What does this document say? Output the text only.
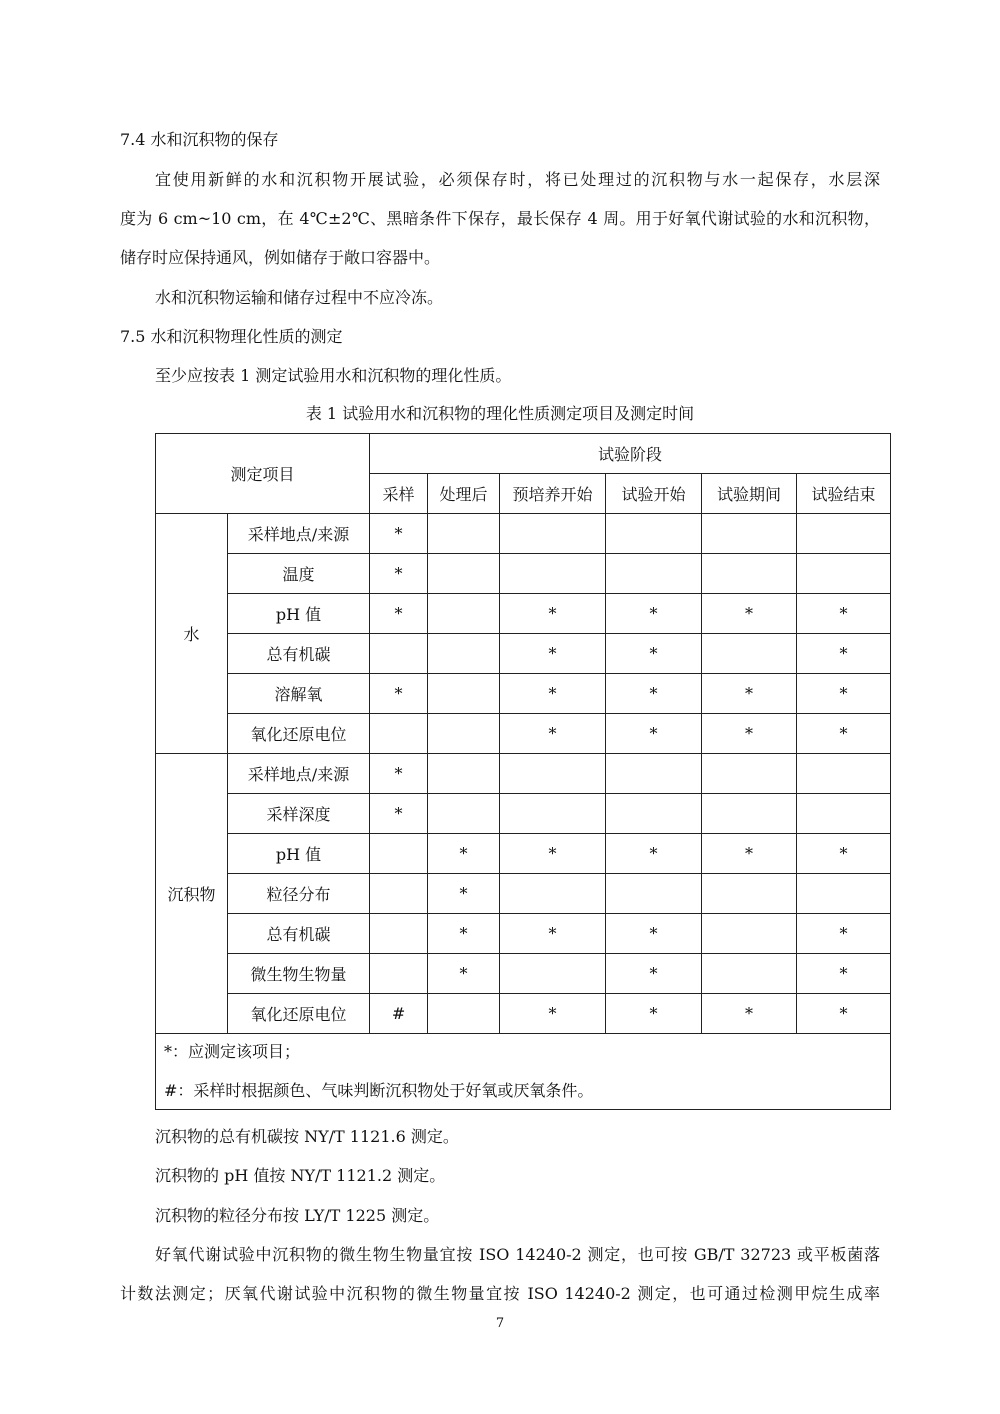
7.4 水和沉积物的保存
宜使用新鲜的水和沉积物开展试验，必须保存时，将已处理过的沉积物与水一起保存，水层深
度为 6 cm~10 cm，在 4℃±2℃、黑暗条件下保存，最长保存 4 周。用于好氧代谢试验的水和沉积物，
储存时应保持通风，例如储存于敞口容器中。
水和沉积物运输和储存过程中不应冷冻。
7.5 水和沉积物理化性质的测定
至少应按表 1 测定试验用水和沉积物的理化性质。
表 1 试验用水和沉积物的理化性质测定项目及测定时间
测定项目		试验阶段					
		采样	处理后	预培养开始	试验开始	试验期间	试验结束
水	采样地点/来源	*					
	温度	*					
	pH 值	*		*	*	*	*
	总有机碳			*	*		*
	溶解氧	*		*	*	*	*
	氧化还原电位			*	*	*	*
沉积物	采样地点/来源	*					
	采样深度	*					
	pH 值		*	*	*	*	*
	粒径分布		*				
	总有机碳		*	*	*		*
	微生物生物量		*		*		*
	氧化还原电位	#		*	*	*	*

*：应测定该项目；
#：采样时根据颜色、气味判断沉积物处于好氧或厌氧条件。							
沉积物的总有机碳按 NY/T 1121.6 测定。
沉积物的 pH 值按 NY/T 1121.2 测定。
沉积物的粒径分布按 LY/T 1225 测定。
好氧代谢试验中沉积物的微生物生物量宜按 ISO 14240-2 测定，也可按 GB/T 32723 或平板菌落
计数法测定；厌氧代谢试验中沉积物的微生物量宜按 ISO 14240-2 测定，也可通过检测甲烷生成率
7
